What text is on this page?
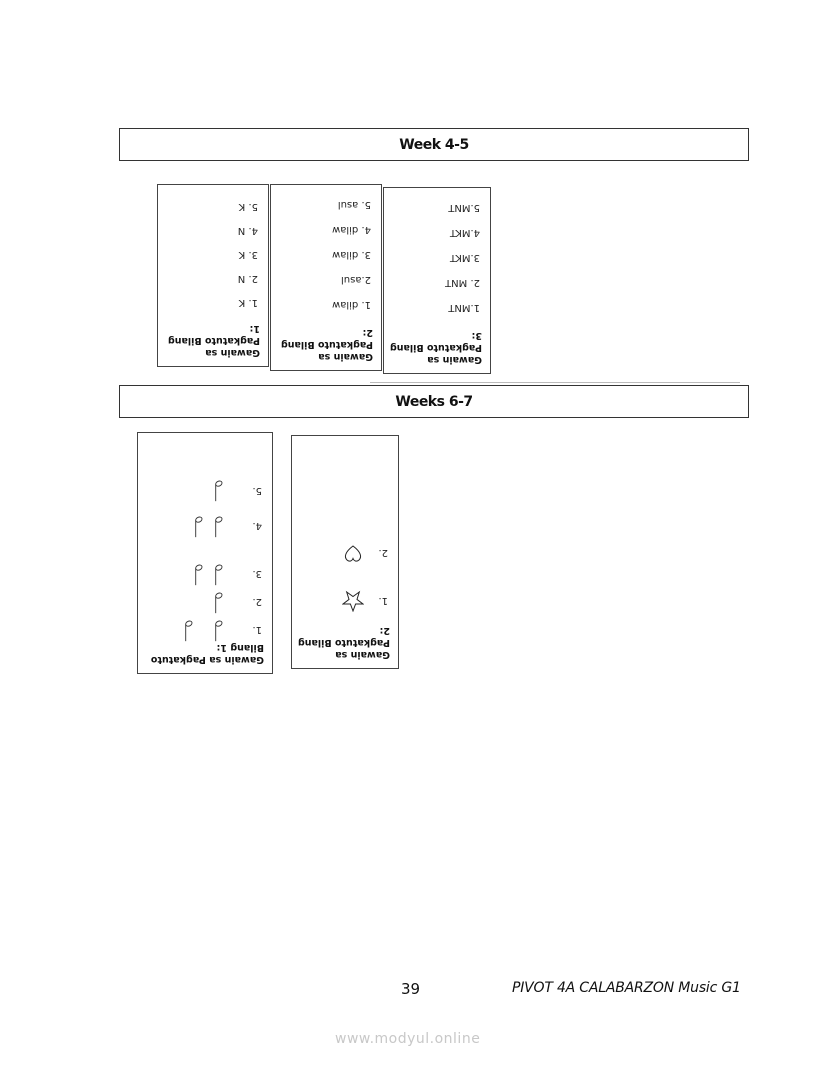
Week 4-5
Gawain sa
Pagkatuto Bilang

1:
1. K
2. N
3. K
4. N
5. K
Gawain sa
Pagkatuto Bilang

2:
1. dilaw
2.asul
3. dilaw
4. dilaw
5. asul
Gawain sa
Pagkatuto Bilang

3:
1.MNT
2. MNT
3.MKT
4.MKT
5.MNT
Weeks 6-7
Gawain sa Pagkatuto
Bilang 1:
1.
2.
3.
4.
5.
Gawain sa
Pagkatuto Bilang

2:
1.
2.
39	PIVOT 4A CALABARZON Music G1
www.modyul.online
